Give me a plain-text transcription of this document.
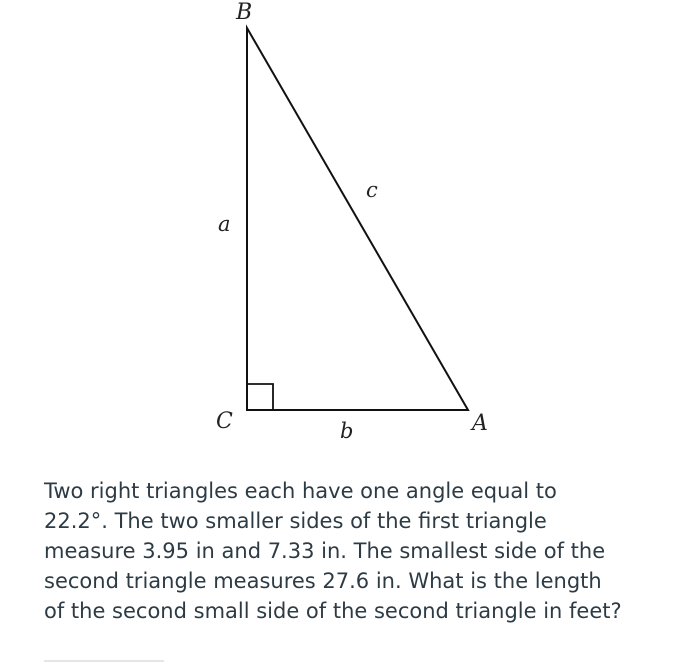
B
C	A
a
b
c

Two right triangles each have one angle equal to
22.2°. The two smaller sides of the first triangle
measure 3.95 in and 7.33 in. The smallest side of the
second triangle measures 27.6 in. What is the length
of the second small side of the second triangle in feet?
